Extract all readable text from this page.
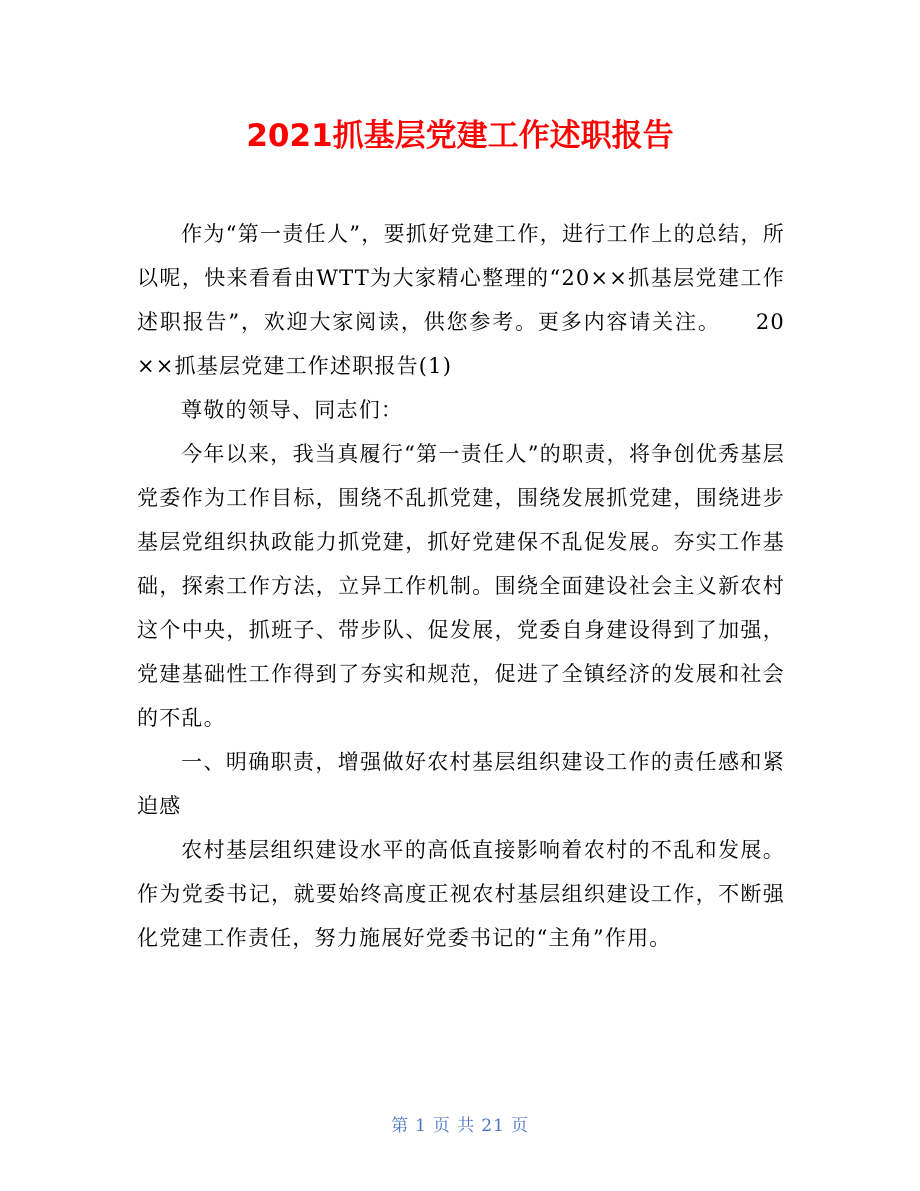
2021抓基层党建工作述职报告

作为“第一责任人”，要抓好党建工作，进行工作上的总结，所以呢，快来看看由WTT为大家精心整理的“20××抓基层党建工作述职报告”，欢迎大家阅读，供您参考。更多内容请关注。　　20××抓基层党建工作述职报告(1)

尊敬的领导、同志们：

今年以来，我当真履行“第一责任人”的职责，将争创优秀基层党委作为工作目标，围绕不乱抓党建，围绕发展抓党建，围绕进步基层党组织执政能力抓党建，抓好党建保不乱促发展。夯实工作基础，探索工作方法，立异工作机制。围绕全面建设社会主义新农村这个中央，抓班子、带步队、促发展，党委自身建设得到了加强，党建基础性工作得到了夯实和规范，促进了全镇经济的发展和社会的不乱。

一、明确职责，增强做好农村基层组织建设工作的责任感和紧迫感

农村基层组织建设水平的高低直接影响着农村的不乱和发展。作为党委书记，就要始终高度正视农村基层组织建设工作，不断强化党建工作责任，努力施展好党委书记的“主角”作用。

第 1 页 共 21 页
